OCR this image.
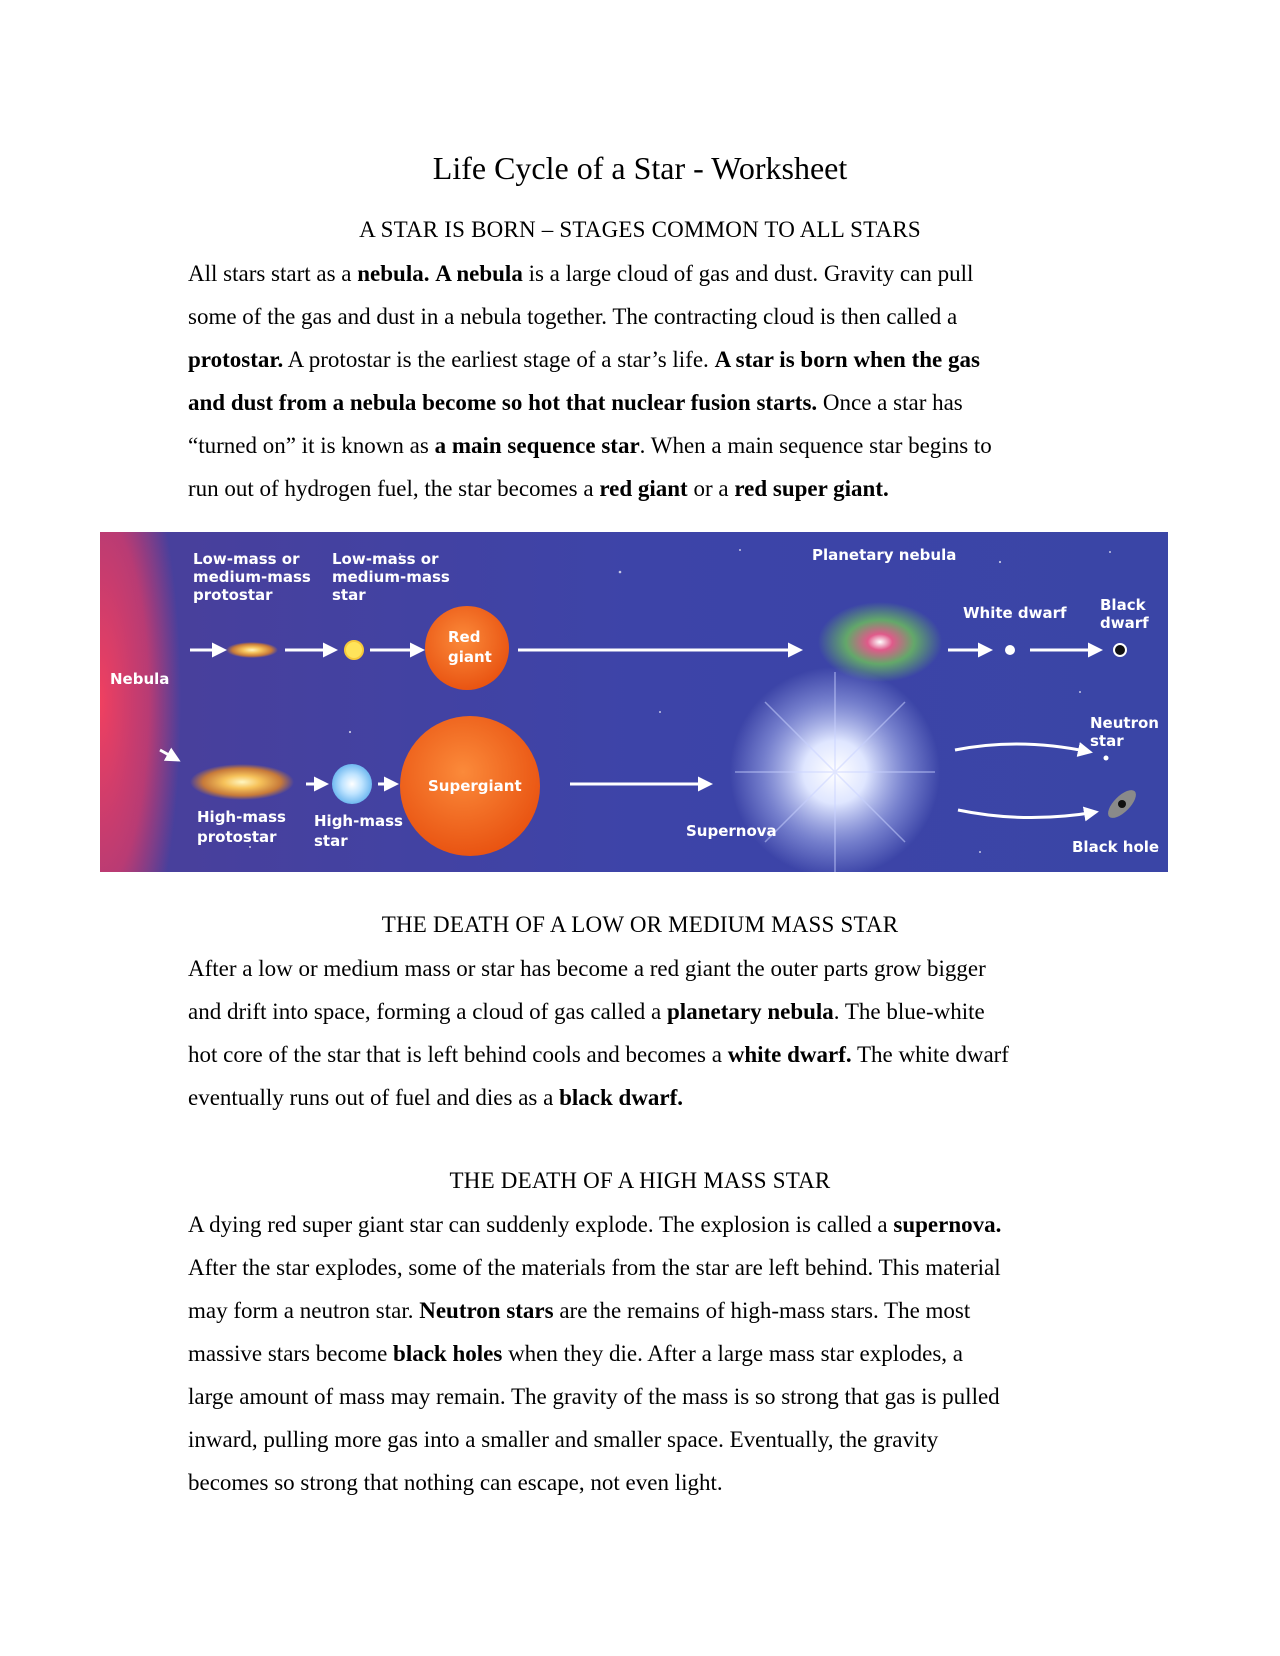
Life Cycle of a Star - Worksheet
A STAR IS BORN – STAGES COMMON TO ALL STARS
All stars start as a nebula. A nebula is a large cloud of gas and dust. Gravity can pull
some of the gas and dust in a nebula together. The contracting cloud is then called a
protostar. A protostar is the earliest stage of a star’s life. A star is born when the gas
and dust from a nebula become so hot that nuclear fusion starts. Once a star has
“turned on” it is known as a main sequence star. When a main sequence star begins to
run out of hydrogen fuel, the star becomes a red giant or a red super giant.
Nebula
Low-mass or medium-mass protostar
Low-mass or medium-mass star
Red giant
Planetary nebula
White dwarf Black dwarf
Neutron star
High-mass protostar
High-mass star
Supergiant
Supernova
Black hole
THE DEATH OF A LOW OR MEDIUM MASS STAR
After a low or medium mass or star has become a red giant the outer parts grow bigger
and drift into space, forming a cloud of gas called a planetary nebula. The blue-white
hot core of the star that is left behind cools and becomes a white dwarf. The white dwarf
eventually runs out of fuel and dies as a black dwarf.
THE DEATH OF A HIGH MASS STAR
A dying red super giant star can suddenly explode. The explosion is called a supernova.
After the star explodes, some of the materials from the star are left behind. This material
may form a neutron star. Neutron stars are the remains of high-mass stars. The most
massive stars become black holes when they die. After a large mass star explodes, a
large amount of mass may remain. The gravity of the mass is so strong that gas is pulled
inward, pulling more gas into a smaller and smaller space. Eventually, the gravity
becomes so strong that nothing can escape, not even light.
